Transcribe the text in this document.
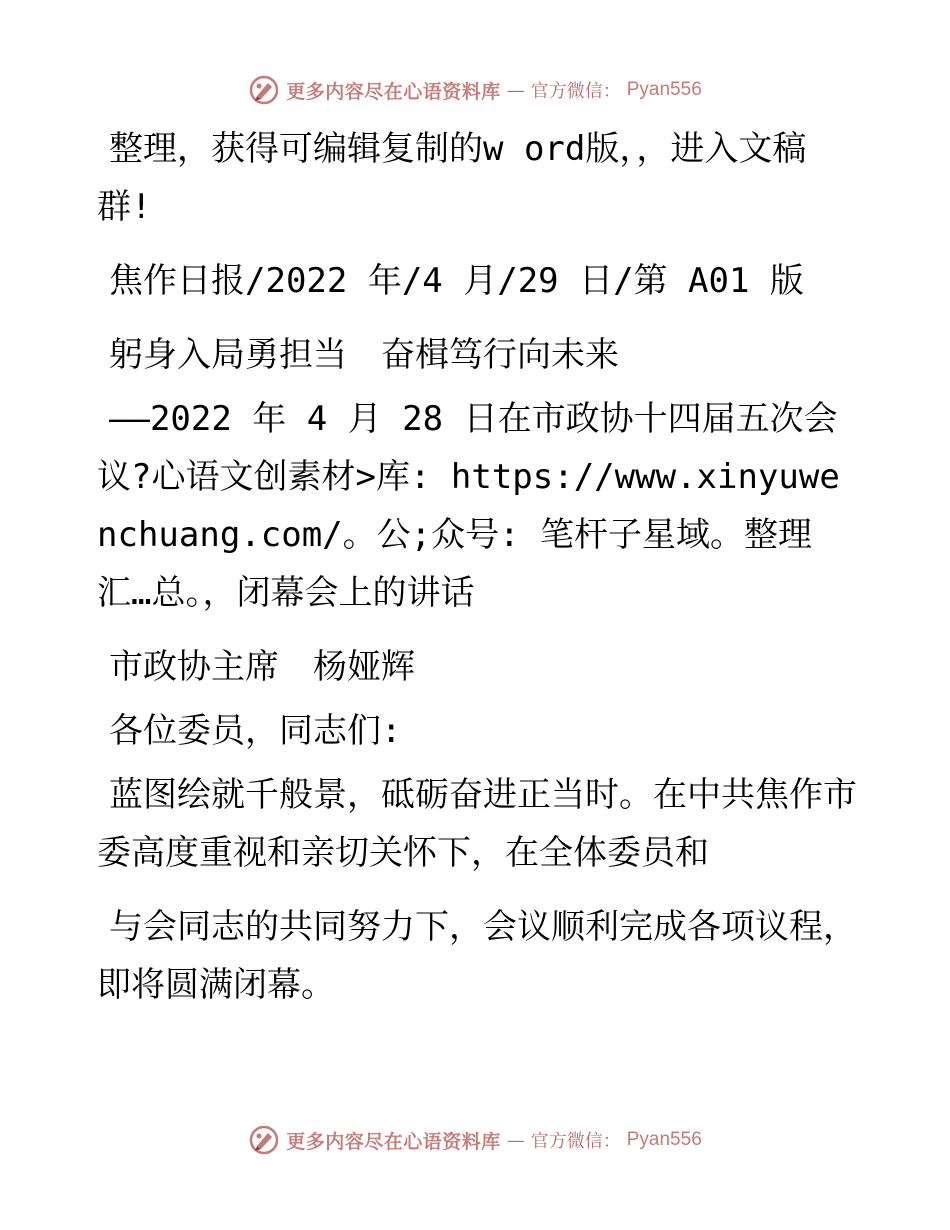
更多内容尽在心语资料库 — 官方微信： Pyan556

整理，获得可编辑复制的w ord版，，进入文稿群!

焦作日报/2022 年/4 月/29 日/第 A01 版

躬身入局勇担当　奋楫笃行向未来

——2022 年 4 月 28 日在市政协十四届五次会议?心语文创素材>库: https://www.xinyuwenchuang.com/。公;众号: 笔杆子星域。整理汇…总。，闭幕会上的讲话

市政协主席　杨娅辉

各位委员，同志们:

蓝图绘就千般景，砥砺奋进正当时。在中共焦作市委高度重视和亲切关怀下，在全体委员和

与会同志的共同努力下，会议顺利完成各项议程，即将圆满闭幕。

更多内容尽在心语资料库 — 官方微信： Pyan556
